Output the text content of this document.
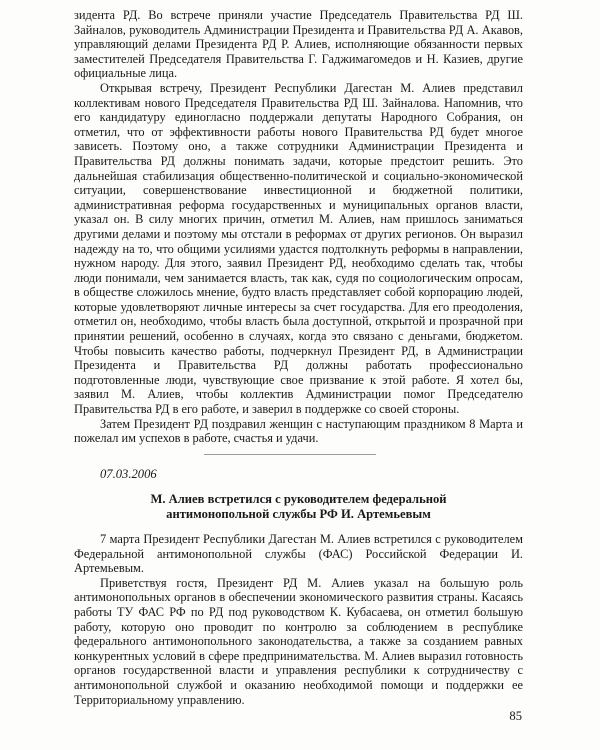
зидента РД. Во встрече приняли участие Председатель Правительства РД Ш. Зайналов, руководитель Администрации Президента и Правительства РД А. Акавов, управляющий делами Президента РД Р. Алиев, исполняющие обязанности первых заместителей Председателя Правительства Г. Гаджимагомедов и Н. Казиев, другие официальные лица.

Открывая встречу, Президент Республики Дагестан М. Алиев представил коллективам нового Председателя Правительства РД Ш. Зайналова. Напомнив, что его кандидатуру единогласно поддержали депутаты Народного Собрания, он отметил, что от эффективности работы нового Правительства РД будет многое зависеть. Поэтому оно, а также сотрудники Администрации Президента и Правительства РД должны понимать задачи, которые предстоит решить. Это дальнейшая стабилизация общественно-политической и социально-экономической ситуации, совершенствование инвестиционной и бюджетной политики, административная реформа государственных и муниципальных органов власти, указал он. В силу многих причин, отметил М. Алиев, нам пришлось заниматься другими делами и поэтому мы отстали в реформах от других регионов. Он выразил надежду на то, что общими усилиями удастся подтолкнуть реформы в направлении, нужном народу. Для этого, заявил Президент РД, необходимо сделать так, чтобы люди понимали, чем занимается власть, так как, судя по социологическим опросам, в обществе сложилось мнение, будто власть представляет собой корпорацию людей, которые удовлетворяют личные интересы за счет государства. Для его преодоления, отметил он, необходимо, чтобы власть была доступной, открытой и прозрачной при принятии решений, особенно в случаях, когда это связано с деньгами, бюджетом. Чтобы повысить качество работы, подчеркнул Президент РД, в Администрации Президента и Правительства РД должны работать профессионально подготовленные люди, чувствующие свое призвание к этой работе. Я хотел бы, заявил М. Алиев, чтобы коллектив Администрации помог Председателю Правительства РД в его работе, и заверил в поддержке со своей стороны.

Затем Президент РД поздравил женщин с наступающим праздником 8 Марта и пожелал им успехов в работе, счастья и удачи.

07.03.2006

М. Алиев встретился с руководителем федеральной
антимонопольной службы РФ И. Артемьевым

7 марта Президент Республики Дагестан М. Алиев встретился с руководителем Федеральной антимонопольной службы (ФАС) Российской Федерации И. Артемьевым.

Приветствуя гостя, Президент РД М. Алиев указал на большую роль антимонопольных органов в обеспечении экономического развития страны. Касаясь работы ТУ ФАС РФ по РД под руководством К. Кубасаева, он отметил большую работу, которую оно проводит по контролю за соблюдением в республике федерального антимонопольного законодательства, а также за созданием равных конкурентных условий в сфере предпринимательства. М. Алиев выразил готовность органов государственной власти и управления республики к сотрудничеству с антимонопольной службой и оказанию необходимой помощи и поддержки ее Территориальному управлению.

85
